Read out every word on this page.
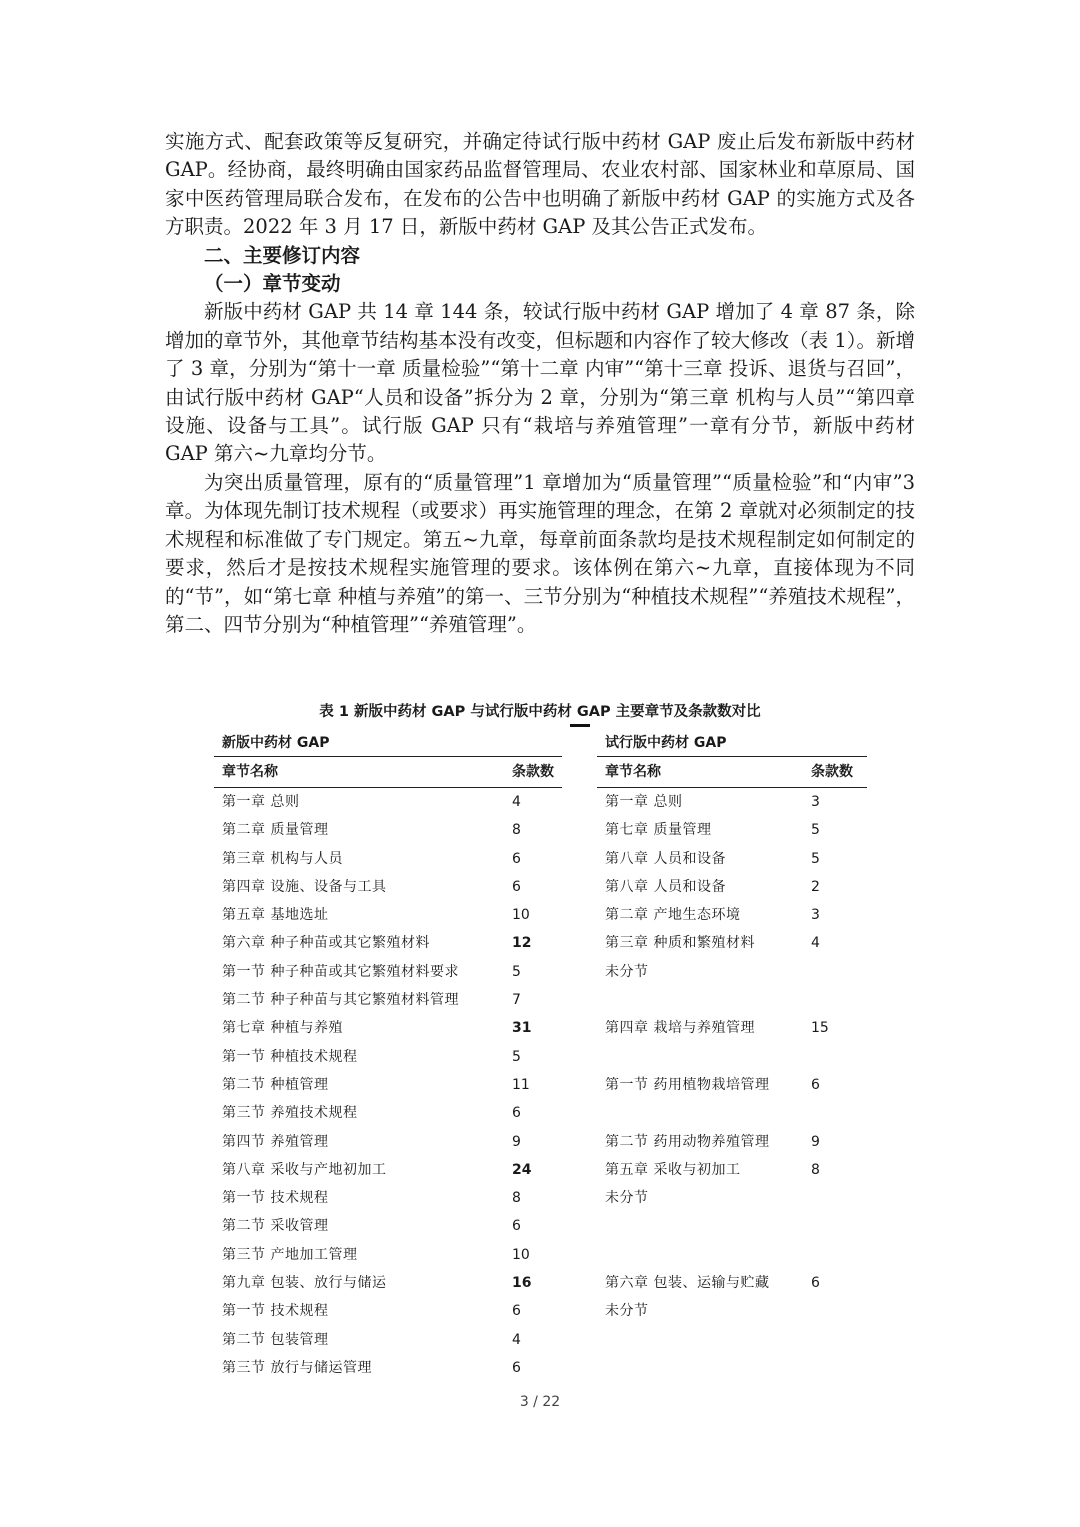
实施方式、配套政策等反复研究，并确定待试行版中药材 GAP 废止后发布新版中药材 GAP。经协商，最终明确由国家药品监督管理局、农业农村部、国家林业和草原局、国家中医药管理局联合发布，在发布的公告中也明确了新版中药材 GAP 的实施方式及各方职责。2022 年 3 月 17 日，新版中药材 GAP 及其公告正式发布。

二、主要修订内容

（一）章节变动

新版中药材 GAP 共 14 章 144 条，较试行版中药材 GAP 增加了 4 章 87 条，除增加的章节外，其他章节结构基本没有改变，但标题和内容作了较大修改（表 1）。新增了 3 章，分别为“第十一章 质量检验”“第十二章 内审”“第十三章 投诉、退货与召回”，由试行版中药材 GAP“人员和设备”拆分为 2 章，分别为“第三章 机构与人员”“第四章 设施、设备与工具”。试行版 GAP 只有“栽培与养殖管理”一章有分节，新版中药材 GAP 第六~九章均分节。

为突出质量管理，原有的“质量管理”1 章增加为“质量管理”“质量检验”和“内审”3 章。为体现先制订技术规程（或要求）再实施管理的理念，在第 2 章就对必须制定的技术规程和标准做了专门规定。第五~九章，每章前面条款均是技术规程制定如何制定的要求，然后才是按技术规程实施管理的要求。该体例在第六~九章，直接体现为不同的“节”，如“第七章 种植与养殖”的第一、三节分别为“种植技术规程”“养殖技术规程”，第二、四节分别为“种植管理”“养殖管理”。

表 1 新版中药材 GAP 与试行版中药材 GAP 主要章节及条款数对比
新版中药材 GAP
章节名称	条款数
第一章 总则	4
第二章 质量管理	8
第三章 机构与人员	6
第四章 设施、设备与工具	6
第五章 基地选址	10
第六章 种子种苗或其它繁殖材料	12
第一节 种子种苗或其它繁殖材料要求	5
第二节 种子种苗与其它繁殖材料管理	7
第七章 种植与养殖	31
第一节 种植技术规程	5
第二节 种植管理	11
第三节 养殖技术规程	6
第四节 养殖管理	9
第八章 采收与产地初加工	24
第一节 技术规程	8
第二节 采收管理	6
第三节 产地加工管理	10
第九章 包装、放行与储运	16
第一节 技术规程	6
第二节 包装管理	4
第三节 放行与储运管理	6
试行版中药材 GAP
章节名称	条款数
第一章 总则	3
第七章 质量管理	5
第八章 人员和设备	5
第八章 人员和设备	2
第二章 产地生态环境	3
第三章 种质和繁殖材料	4
未分节
第四章 栽培与养殖管理	15
第一节 药用植物栽培管理	6
第二节 药用动物养殖管理	9
第五章 采收与初加工	8
未分节
第六章 包装、运输与贮藏	6
未分节
3 / 22
